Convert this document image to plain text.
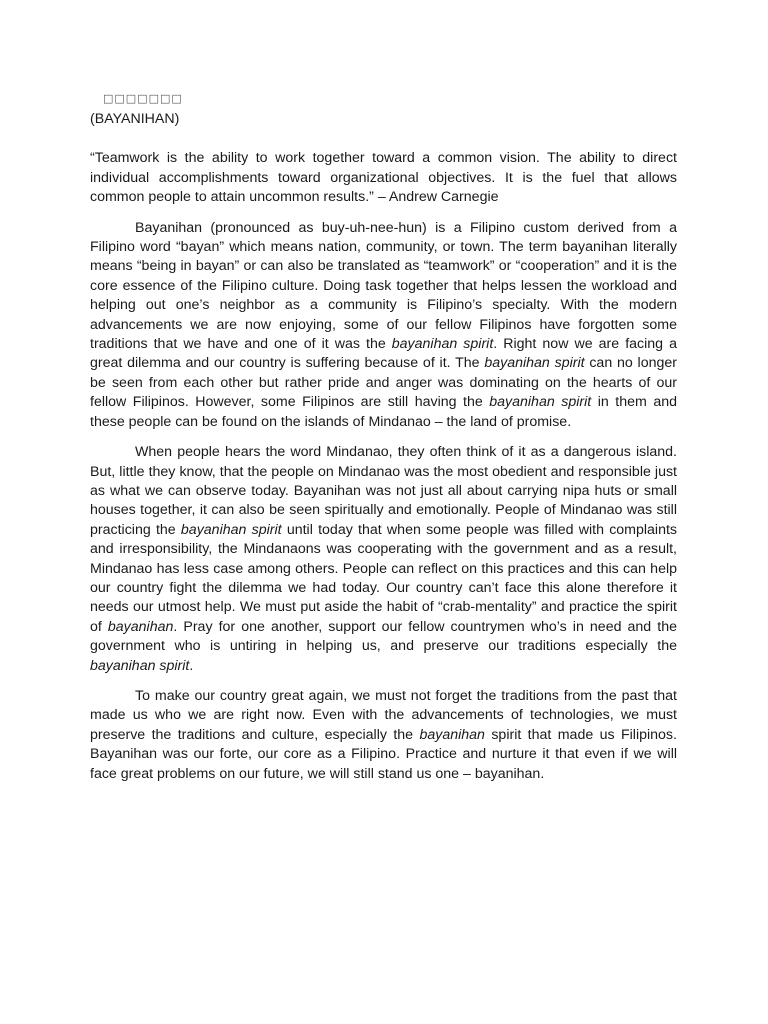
□□□□□□□
(BAYANIHAN)

“Teamwork is the ability to work together toward a common vision. The ability to direct individual accomplishments toward organizational objectives. It is the fuel that allows common people to attain uncommon results.” – Andrew Carnegie

Bayanihan (pronounced as buy-uh-nee-hun) is a Filipino custom derived from a Filipino word “bayan” which means nation, community, or town. The term bayanihan literally means “being in bayan” or can also be translated as “teamwork” or “cooperation” and it is the core essence of the Filipino culture. Doing task together that helps lessen the workload and helping out one’s neighbor as a community is Filipino’s specialty. With the modern advancements we are now enjoying, some of our fellow Filipinos have forgotten some traditions that we have and one of it was the bayanihan spirit. Right now we are facing a great dilemma and our country is suffering because of it. The bayanihan spirit can no longer be seen from each other but rather pride and anger was dominating on the hearts of our fellow Filipinos. However, some Filipinos are still having the bayanihan spirit in them and these people can be found on the islands of Mindanao – the land of promise.

When people hears the word Mindanao, they often think of it as a dangerous island. But, little they know, that the people on Mindanao was the most obedient and responsible just as what we can observe today. Bayanihan was not just all about carrying nipa huts or small houses together, it can also be seen spiritually and emotionally. People of Mindanao was still practicing the bayanihan spirit until today that when some people was filled with complaints and irresponsibility, the Mindanaons was cooperating with the government and as a result, Mindanao has less case among others. People can reflect on this practices and this can help our country fight the dilemma we had today. Our country can’t face this alone therefore it needs our utmost help. We must put aside the habit of “crab-mentality” and practice the spirit of bayanihan. Pray for one another, support our fellow countrymen who’s in need and the government who is untiring in helping us, and preserve our traditions especially the bayanihan spirit.

To make our country great again, we must not forget the traditions from the past that made us who we are right now. Even with the advancements of technologies, we must preserve the traditions and culture, especially the bayanihan spirit that made us Filipinos. Bayanihan was our forte, our core as a Filipino. Practice and nurture it that even if we will face great problems on our future, we will still stand us one – bayanihan.
